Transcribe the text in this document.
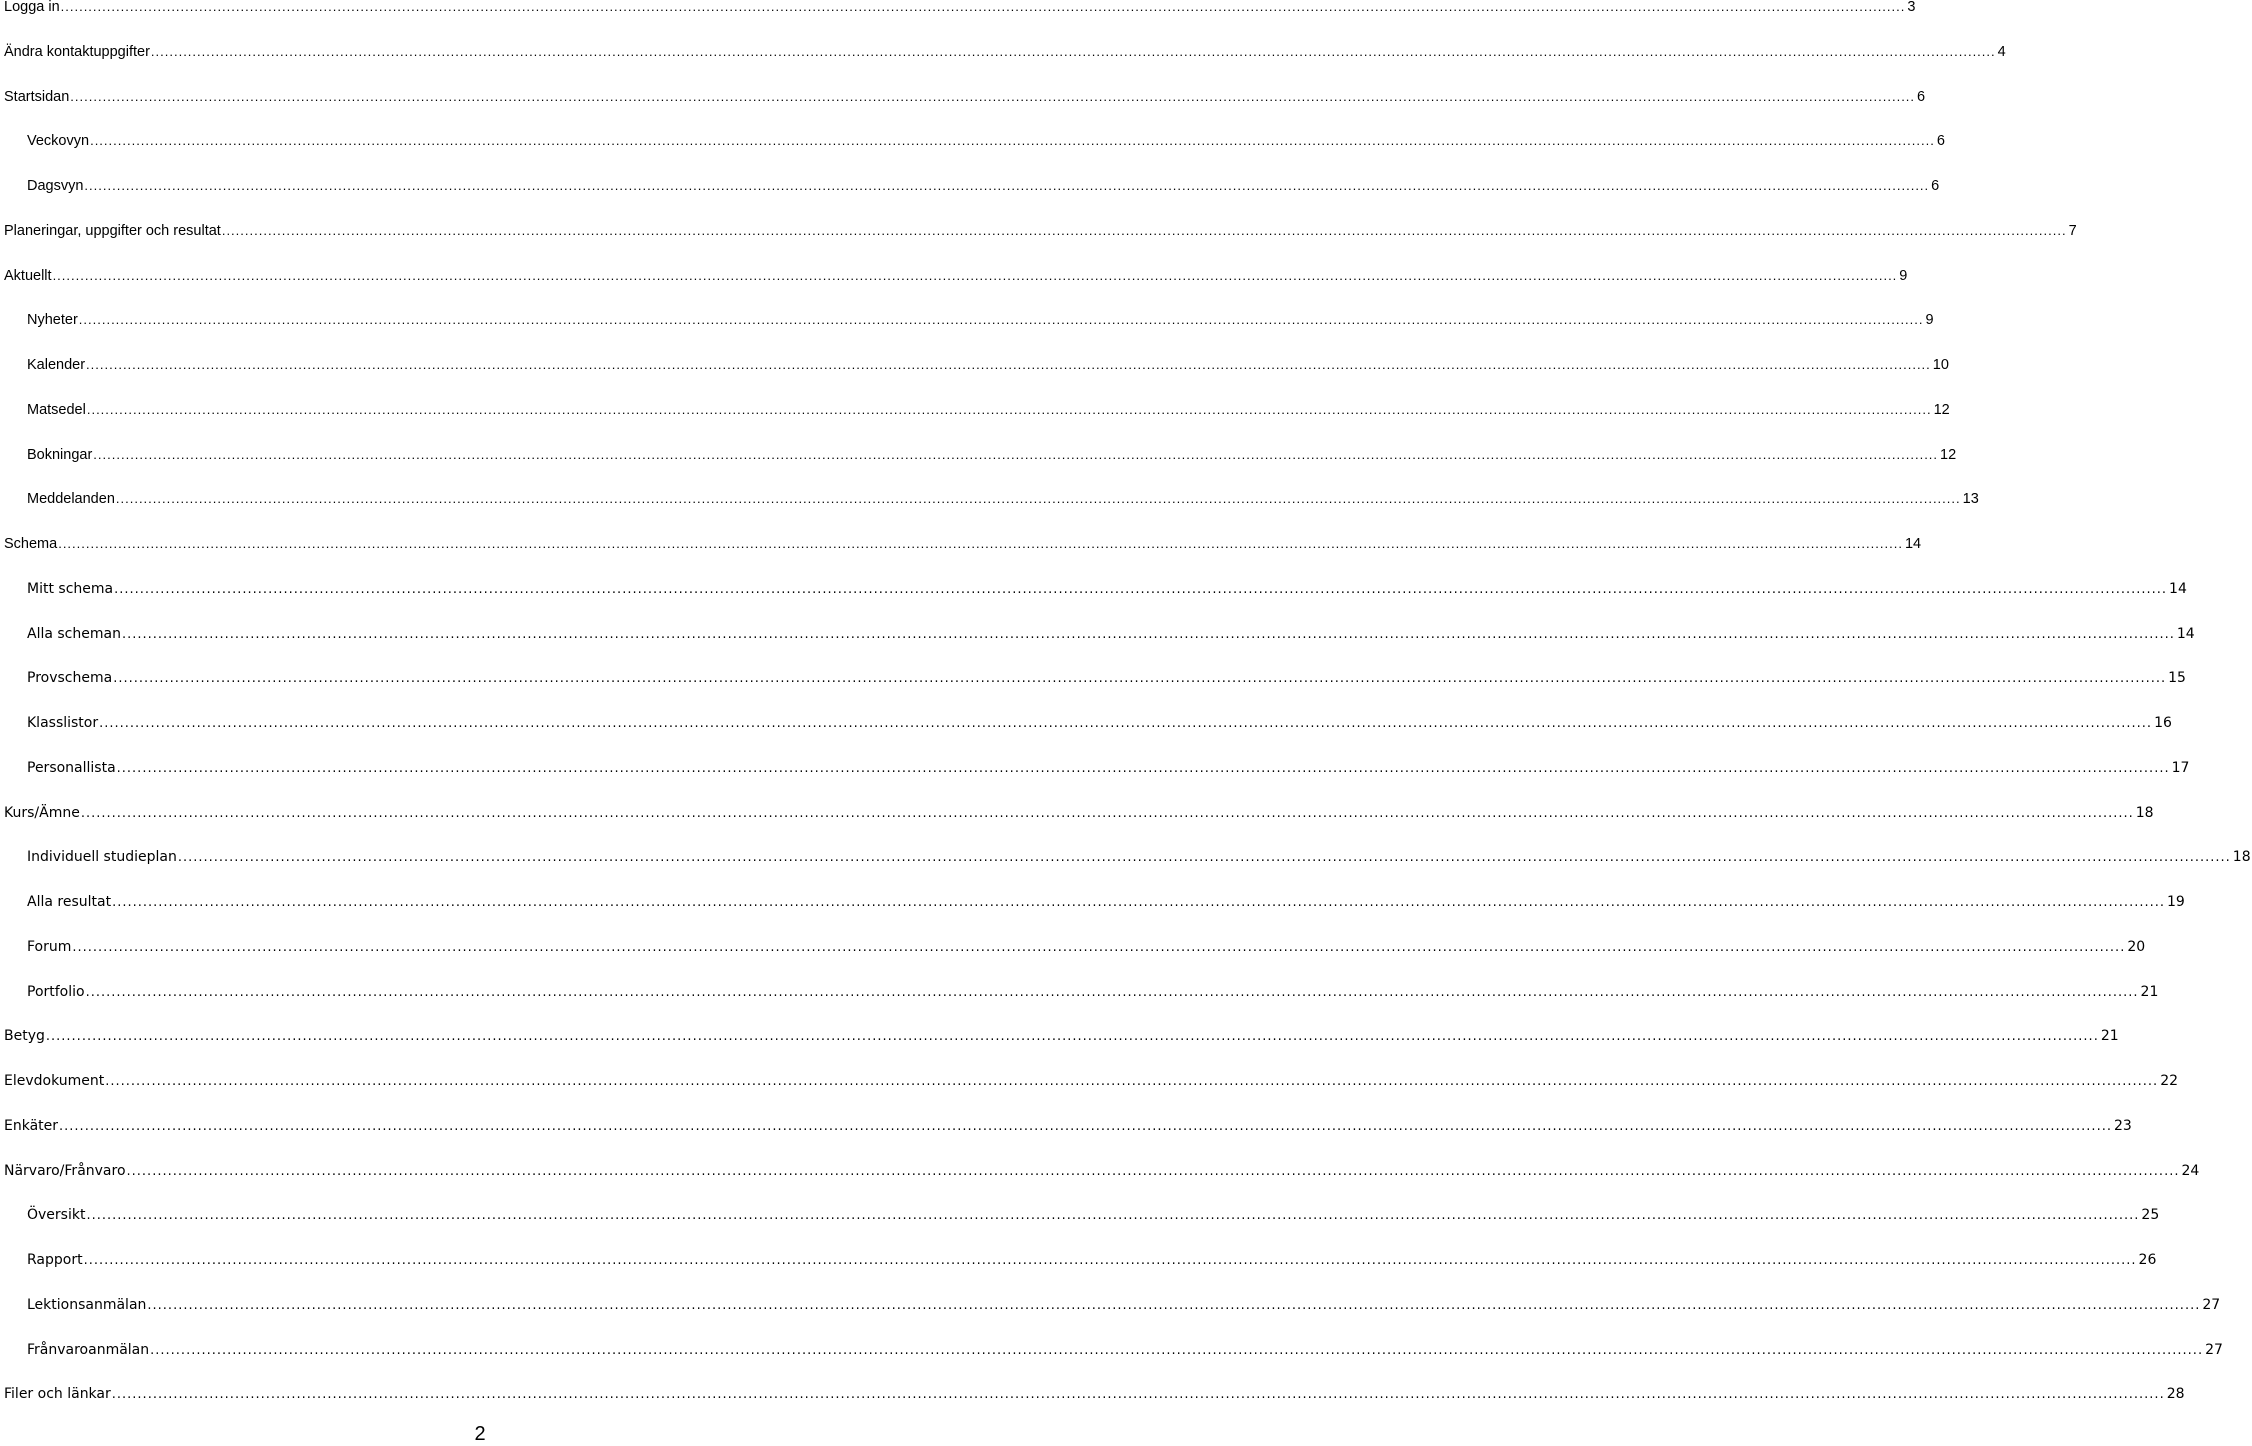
Logga in ................................................................................................................................................................................................................................................................................................................................................................................................................ 3
Ändra kontaktuppgifter ................................................................................................................................................................................................................................................................................................................................................................................................................ 4
Startsidan ................................................................................................................................................................................................................................................................................................................................................................................................................ 6
Veckovyn ................................................................................................................................................................................................................................................................................................................................................................................................................ 6
Dagsvyn ................................................................................................................................................................................................................................................................................................................................................................................................................ 6
Planeringar, uppgifter och resultat ................................................................................................................................................................................................................................................................................................................................................................................................................ 7
Aktuellt ................................................................................................................................................................................................................................................................................................................................................................................................................ 9
Nyheter ................................................................................................................................................................................................................................................................................................................................................................................................................ 9
Kalender ................................................................................................................................................................................................................................................................................................................................................................................................................ 10
Matsedel ................................................................................................................................................................................................................................................................................................................................................................................................................ 12
Bokningar ................................................................................................................................................................................................................................................................................................................................................................................................................ 12
Meddelanden ................................................................................................................................................................................................................................................................................................................................................................................................................ 13
Schema ................................................................................................................................................................................................................................................................................................................................................................................................................ 14
Mitt schema ................................................................................................................................................................................................................................................................................................................................................................................................................ 14
Alla scheman ................................................................................................................................................................................................................................................................................................................................................................................................................ 14
Provschema ................................................................................................................................................................................................................................................................................................................................................................................................................ 15
Klasslistor ................................................................................................................................................................................................................................................................................................................................................................................................................ 16
Personallista ................................................................................................................................................................................................................................................................................................................................................................................................................ 17
Kurs/Ämne ................................................................................................................................................................................................................................................................................................................................................................................................................ 18
Individuell studieplan ................................................................................................................................................................................................................................................................................................................................................................................................................ 18
Alla resultat ................................................................................................................................................................................................................................................................................................................................................................................................................ 19
Forum ................................................................................................................................................................................................................................................................................................................................................................................................................ 20
Portfolio ................................................................................................................................................................................................................................................................................................................................................................................................................ 21
Betyg ................................................................................................................................................................................................................................................................................................................................................................................................................ 21
Elevdokument ................................................................................................................................................................................................................................................................................................................................................................................................................ 22
Enkäter ................................................................................................................................................................................................................................................................................................................................................................................................................ 23
Närvaro/Frånvaro ................................................................................................................................................................................................................................................................................................................................................................................................................ 24
Översikt ................................................................................................................................................................................................................................................................................................................................................................................................................ 25
Rapport ................................................................................................................................................................................................................................................................................................................................................................................................................ 26
Lektionsanmälan ................................................................................................................................................................................................................................................................................................................................................................................................................ 27
Frånvaroanmälan ................................................................................................................................................................................................................................................................................................................................................................................................................ 27
Filer och länkar ................................................................................................................................................................................................................................................................................................................................................................................................................ 28
2
